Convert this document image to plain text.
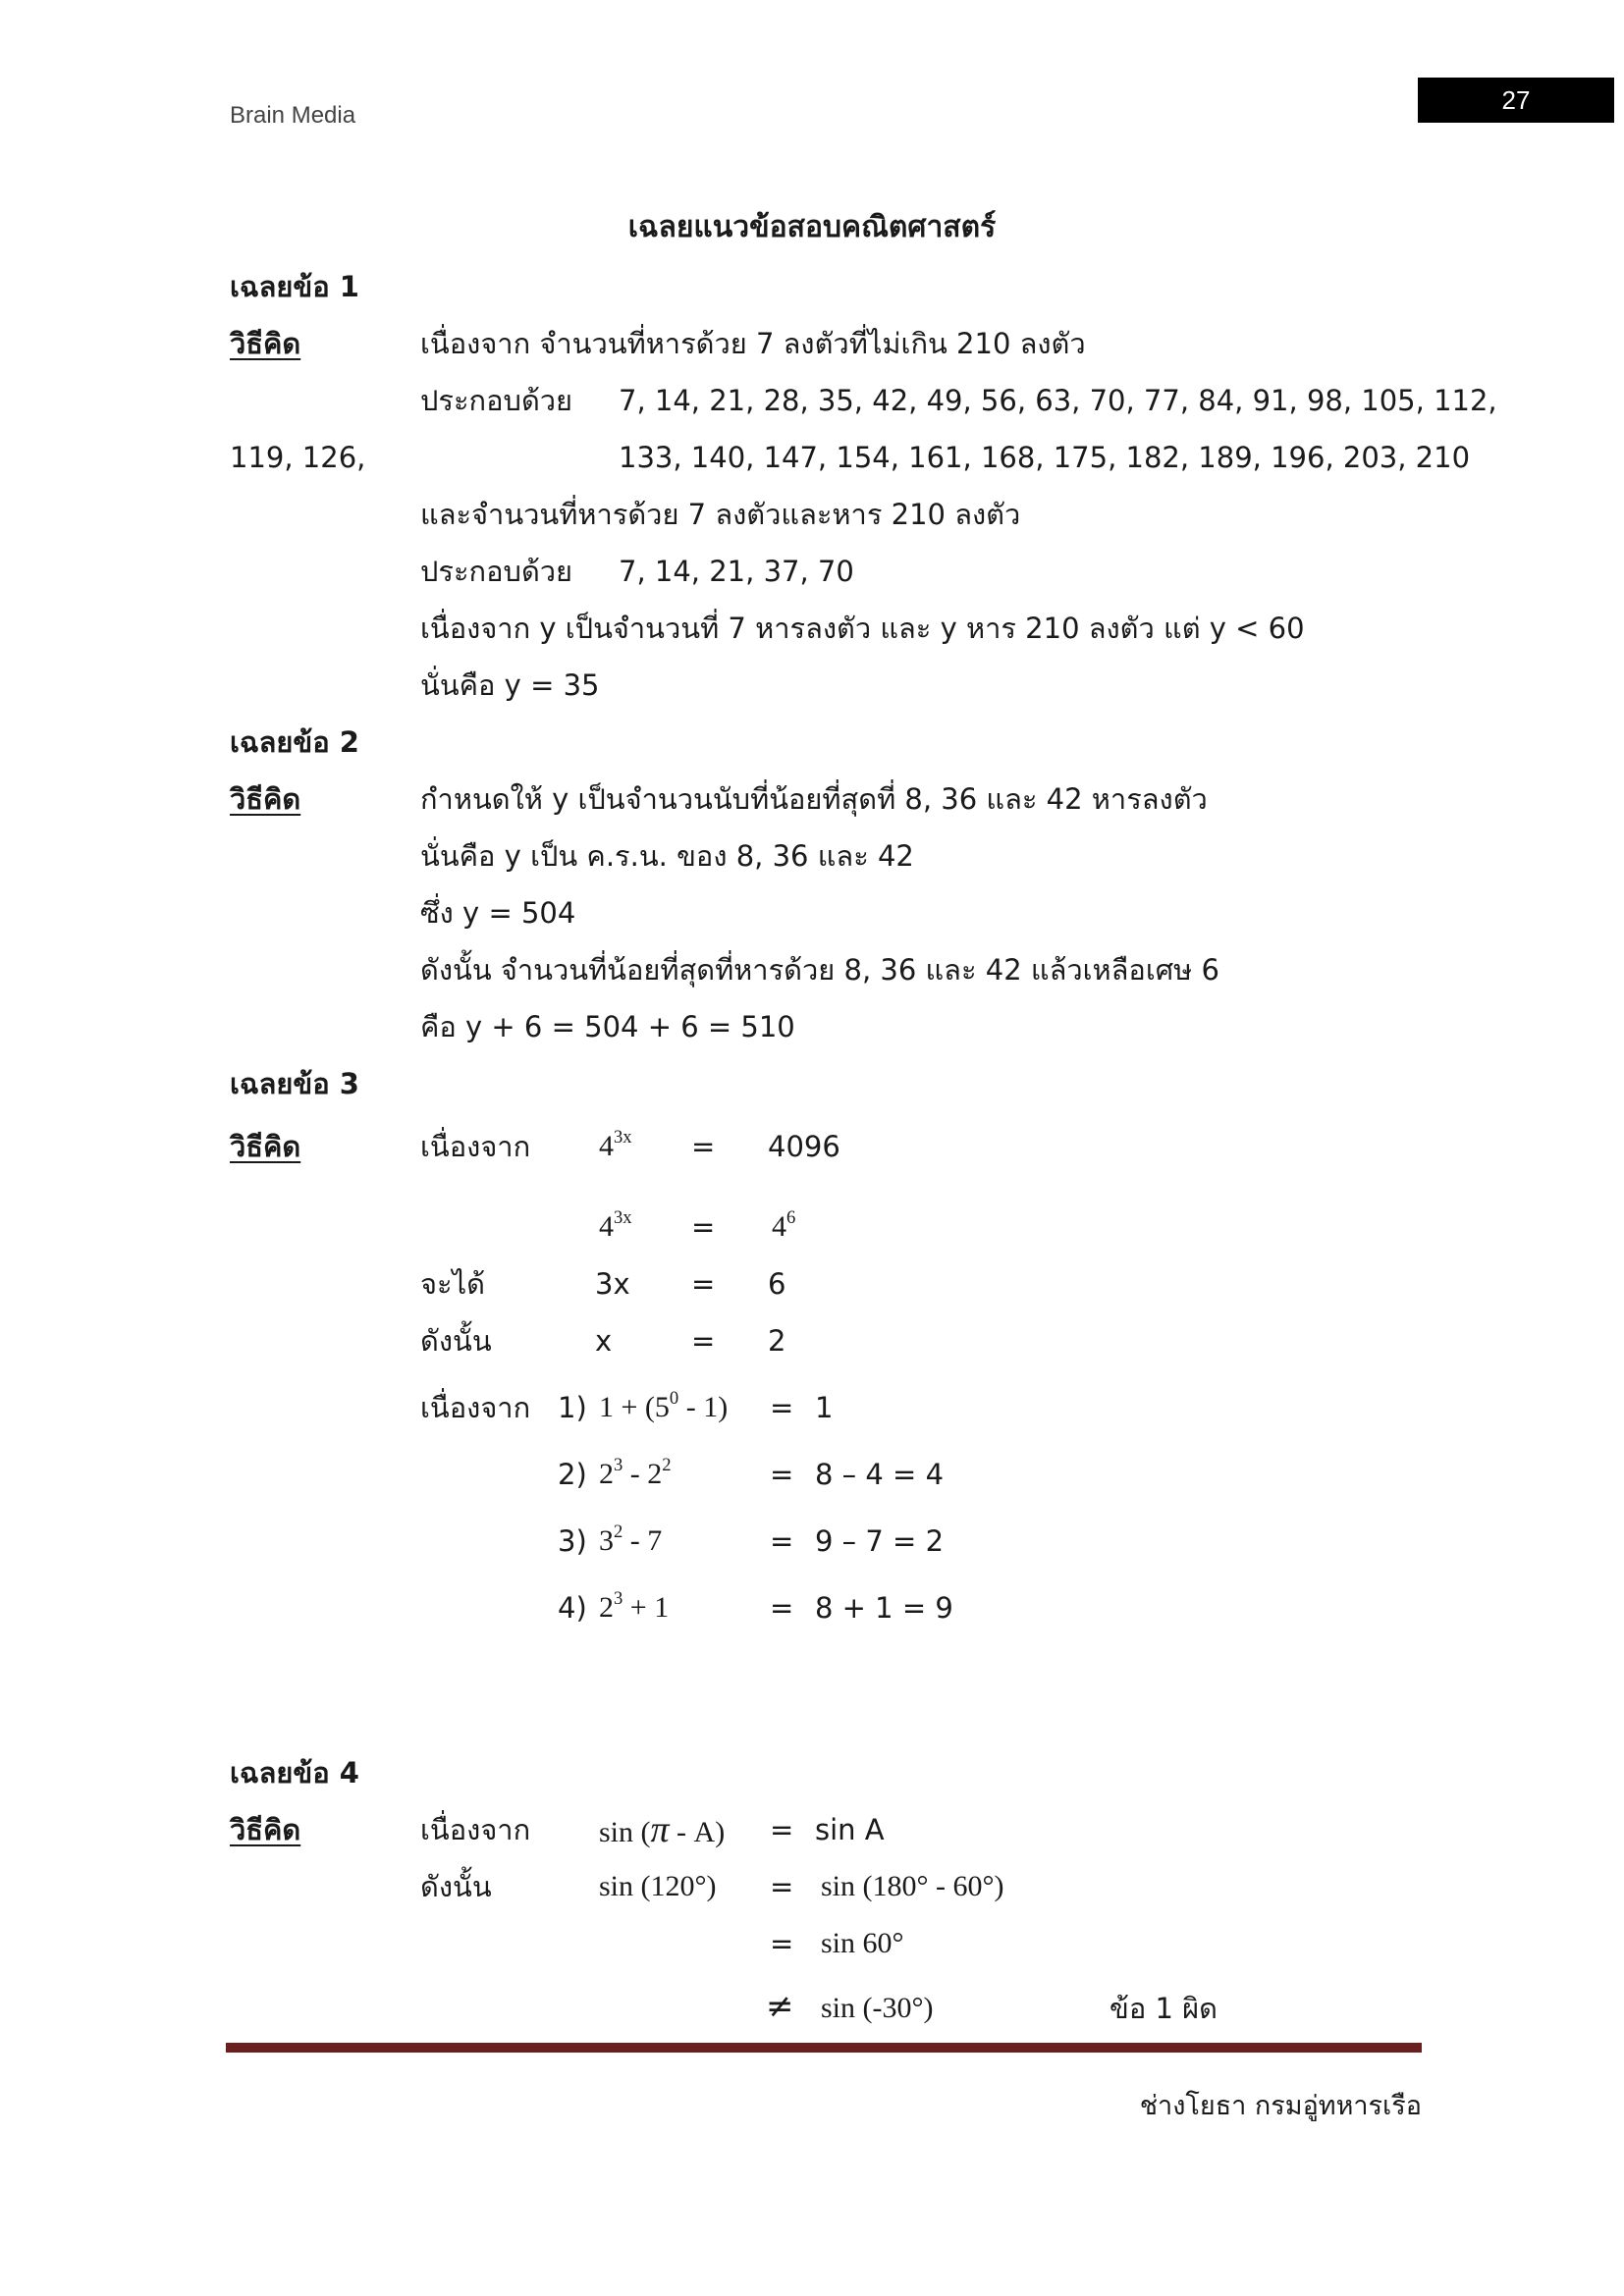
Brain Media
27
เฉลยแนวข้อสอบคณิตศาสตร์
เฉลยข้อ 1
วิธีคิด	เนื่องจาก จำนวนที่หารด้วย 7 ลงตัวที่ไม่เกิน 210 ลงตัว
ประกอบด้วย 7, 14, 21, 28, 35, 42, 49, 56, 63, 70, 77, 84, 91, 98, 105, 112,
119, 126,	133, 140, 147, 154, 161, 168, 175, 182, 189, 196, 203, 210
และจำนวนที่หารด้วย 7 ลงตัวและหาร 210 ลงตัว
ประกอบด้วย 7, 14, 21, 37, 70
เนื่องจาก y เป็นจำนวนที่ 7 หารลงตัว และ y หาร 210 ลงตัว แต่ y < 60
นั่นคือ y = 35
เฉลยข้อ 2
วิธีคิด	กำหนดให้ y เป็นจำนวนนับที่น้อยที่สุดที่ 8, 36 และ 42 หารลงตัว
นั่นคือ y เป็น ค.ร.น. ของ 8, 36 และ 42
ซึ่ง y = 504
ดังนั้น จำนวนที่น้อยที่สุดที่หารด้วย 8, 36 และ 42 แล้วเหลือเศษ 6
คือ y + 6 = 504 + 6 = 510
เฉลยข้อ 3
วิธีคิด	เนื่องจาก $4^{3x} = 4096$
$4^{3x} = 4^6$
จะได้	3x = 6
ดังนั้น	x	= 2
เนื่องจาก 1) $1 + (5^0 - 1) = 1$
2) $2^3 - 2^2$	= 8 – 4 = 4
3) $3^2 - 7$	= 9 – 7 = 2
4) $2^3 + 1$	= 8 + 1 = 9
เฉลยข้อ 4
วิธีคิด	เนื่องจาก sin (π - A) = sin A
ดังนั้น	sin (120°) = sin (180° - 60°)
= sin 60°
≠ sin (-30°)	ข้อ 1 ผิด
ช่างโยธา กรมอู่ทหารเรือ
